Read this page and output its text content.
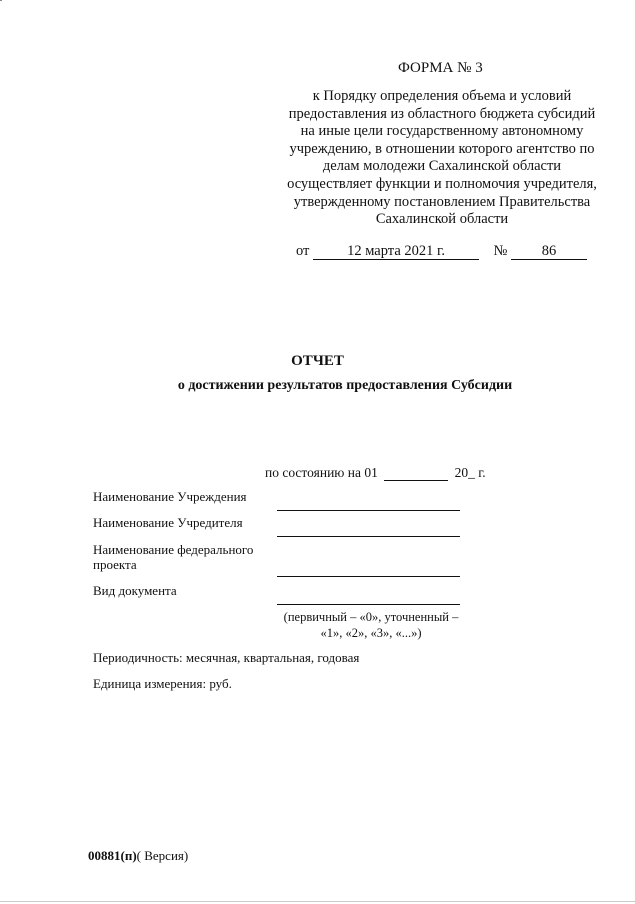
ФОРМА № 3
к Порядку определения объема и условий предоставления из областного бюджета субсидий на иные цели государственному автономному учреждению, в отношении которого агентство по делам молодежи Сахалинской области осуществляет функции и полномочия учредителя, утвержденному постановлением Правительства Сахалинской области
от	12 марта 2021 г.	№ 86
ОТЧЕТ
о достижении результатов предоставления Субсидии
по состоянию на 01	20_ г.
Наименование Учреждения
Наименование Учредителя
Наименование федерального проекта
Вид документа
(первичный – «0», уточненный – «1», «2», «3», «...»)
Периодичность: месячная, квартальная, годовая
Единица измерения: руб.
00881(п)( Версия)
